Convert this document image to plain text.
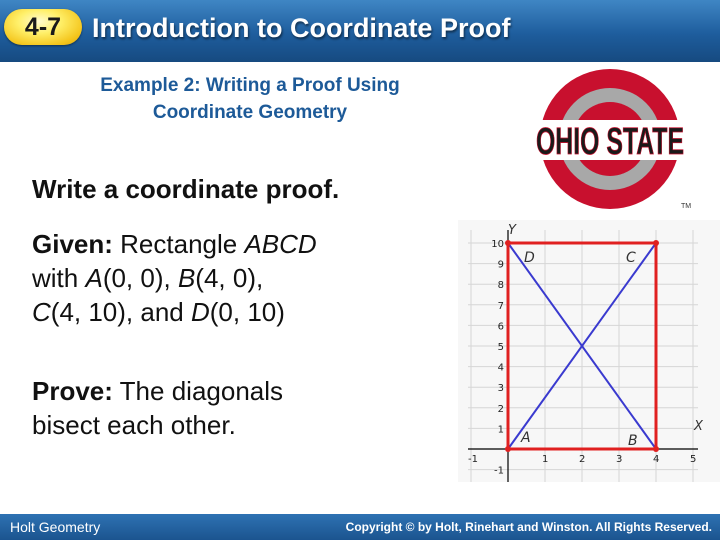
4-7	Introduction to Coordinate Proof
Example 2: Writing a Proof Using
Coordinate Geometry
Write a coordinate proof.
Given: Rectangle ABCD
with A(0, 0), B(4, 0),
C(4, 10), and D(0, 10)
Prove: The diagonals
bisect each other.
OHIO STATE
TM
-1	1	2	3	4	5
1
2
3
4
5
6
7
8
9
10
-1
Y
X
A	B
C
D
Holt Geometry	Copyright © by Holt, Rinehart and Winston. All Rights Reserved.
